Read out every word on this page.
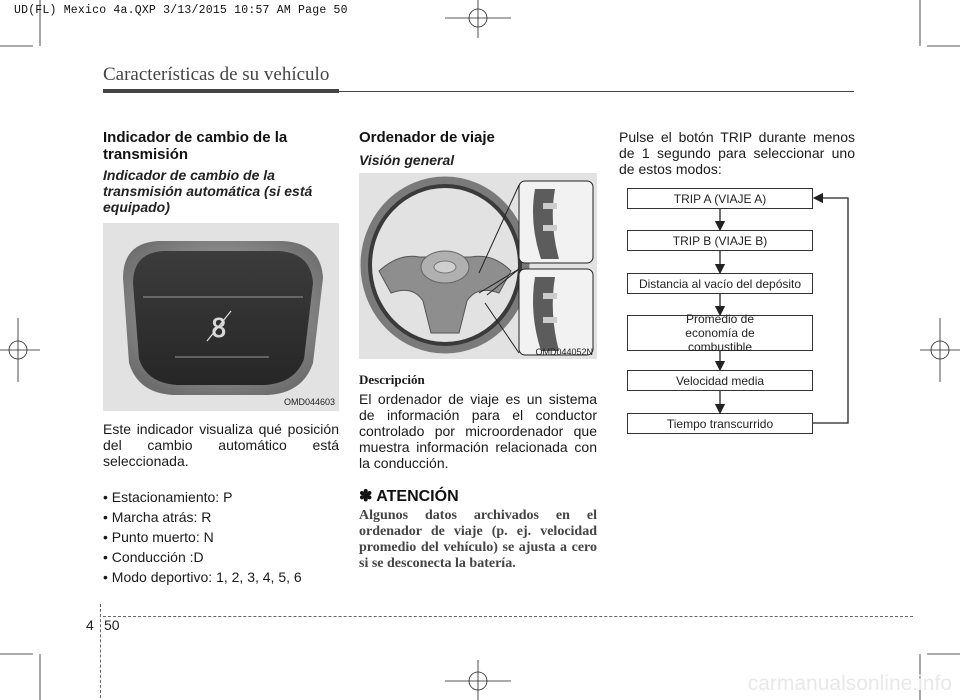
UD(FL) Mexico 4a.QXP 3/13/2015 10:57 AM Page 50
Características de su vehículo
Indicador de cambio de la transmisión
Indicador de cambio de la transmisión automática (si está equipado)
8
OMD044603

Este indicador visualiza qué posición del cambio automático está seleccionada.

• Estacionamiento: P
• Marcha atrás: R
• Punto muerto: N
• Conducción :D
• Modo deportivo: 1, 2, 3, 4, 5, 6
Ordenador de viaje
Visión general
OMD044052N
Descripción

El ordenador de viaje es un sistema de información para el conductor controlado por microordenador que muestra información relacionada con la conducción.

✽ ATENCIÓN

Algunos datos archivados en el ordenador de viaje (p. ej. velocidad promedio del vehículo) se ajusta a cero si se desconecta la batería.

Pulse el botón TRIP durante menos de 1 segundo para seleccionar uno de estos modos:

TRIP A (VIAJE A)
TRIP B (VIAJE B)
Distancia al vacío del depósito
Promedio de economía de combustible
Velocidad media
Tiempo transcurrido
4 50
carmanualsonline.info
